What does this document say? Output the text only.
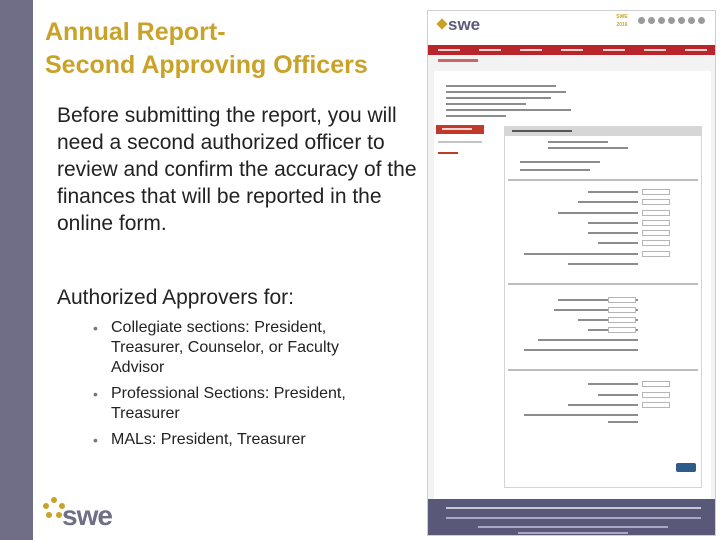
Annual Report-
Second Approving Officers
Before submitting the report, you will need a second authorized officer to review and confirm the accuracy of the finances that will be reported in the online form.
Authorized Approvers for:
• Collegiate sections: President, Treasurer, Counselor, or Faculty Advisor
• Professional Sections: President, Treasurer
• MALs: President, Treasurer
swe
swe	SWE
2016
